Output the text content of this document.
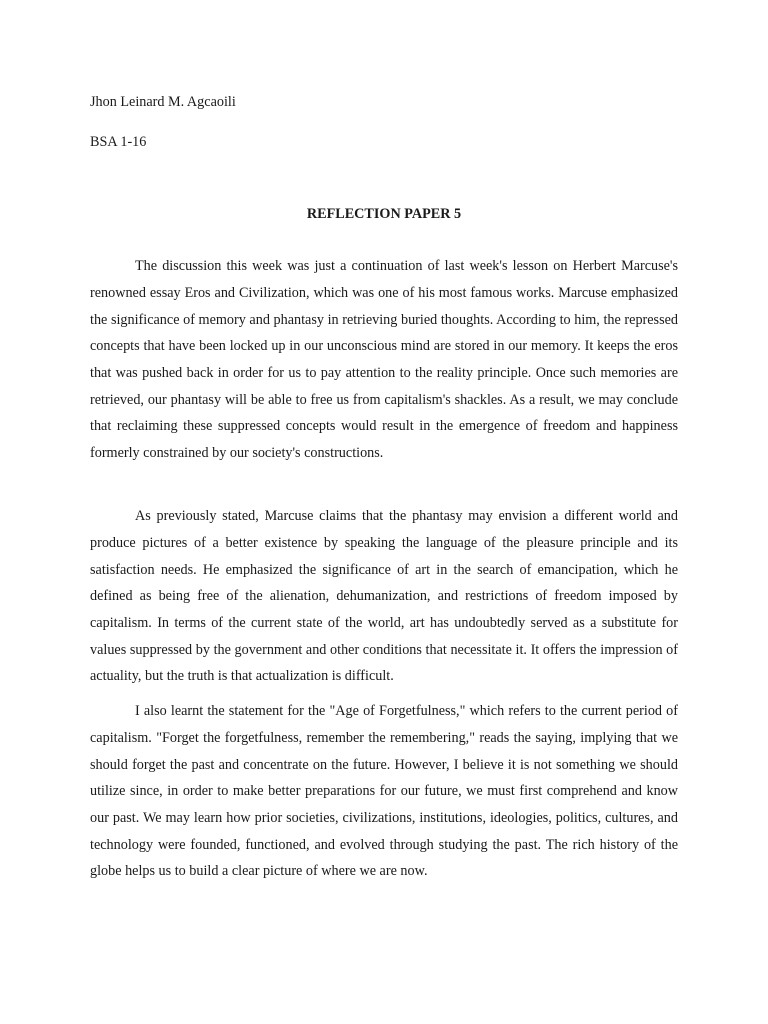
Jhon Leinard M. Agcaoili
BSA 1-16
REFLECTION PAPER 5

The discussion this week was just a continuation of last week's lesson on Herbert Marcuse's renowned essay Eros and Civilization, which was one of his most famous works. Marcuse emphasized the significance of memory and phantasy in retrieving buried thoughts. According to him, the repressed concepts that have been locked up in our unconscious mind are stored in our memory. It keeps the eros that was pushed back in order for us to pay attention to the reality principle. Once such memories are retrieved, our phantasy will be able to free us from capitalism's shackles. As a result, we may conclude that reclaiming these suppressed concepts would result in the emergence of freedom and happiness formerly constrained by our society's constructions.

As previously stated, Marcuse claims that the phantasy may envision a different world and produce pictures of a better existence by speaking the language of the pleasure principle and its satisfaction needs. He emphasized the significance of art in the search of emancipation, which he defined as being free of the alienation, dehumanization, and restrictions of freedom imposed by capitalism. In terms of the current state of the world, art has undoubtedly served as a substitute for values suppressed by the government and other conditions that necessitate it. It offers the impression of actuality, but the truth is that actualization is difficult.

I also learnt the statement for the "Age of Forgetfulness," which refers to the current period of capitalism. "Forget the forgetfulness, remember the remembering," reads the saying, implying that we should forget the past and concentrate on the future. However, I believe it is not something we should utilize since, in order to make better preparations for our future, we must first comprehend and know our past. We may learn how prior societies, civilizations, institutions, ideologies, politics, cultures, and technology were founded, functioned, and evolved through studying the past. The rich history of the globe helps us to build a clear picture of where we are now.
